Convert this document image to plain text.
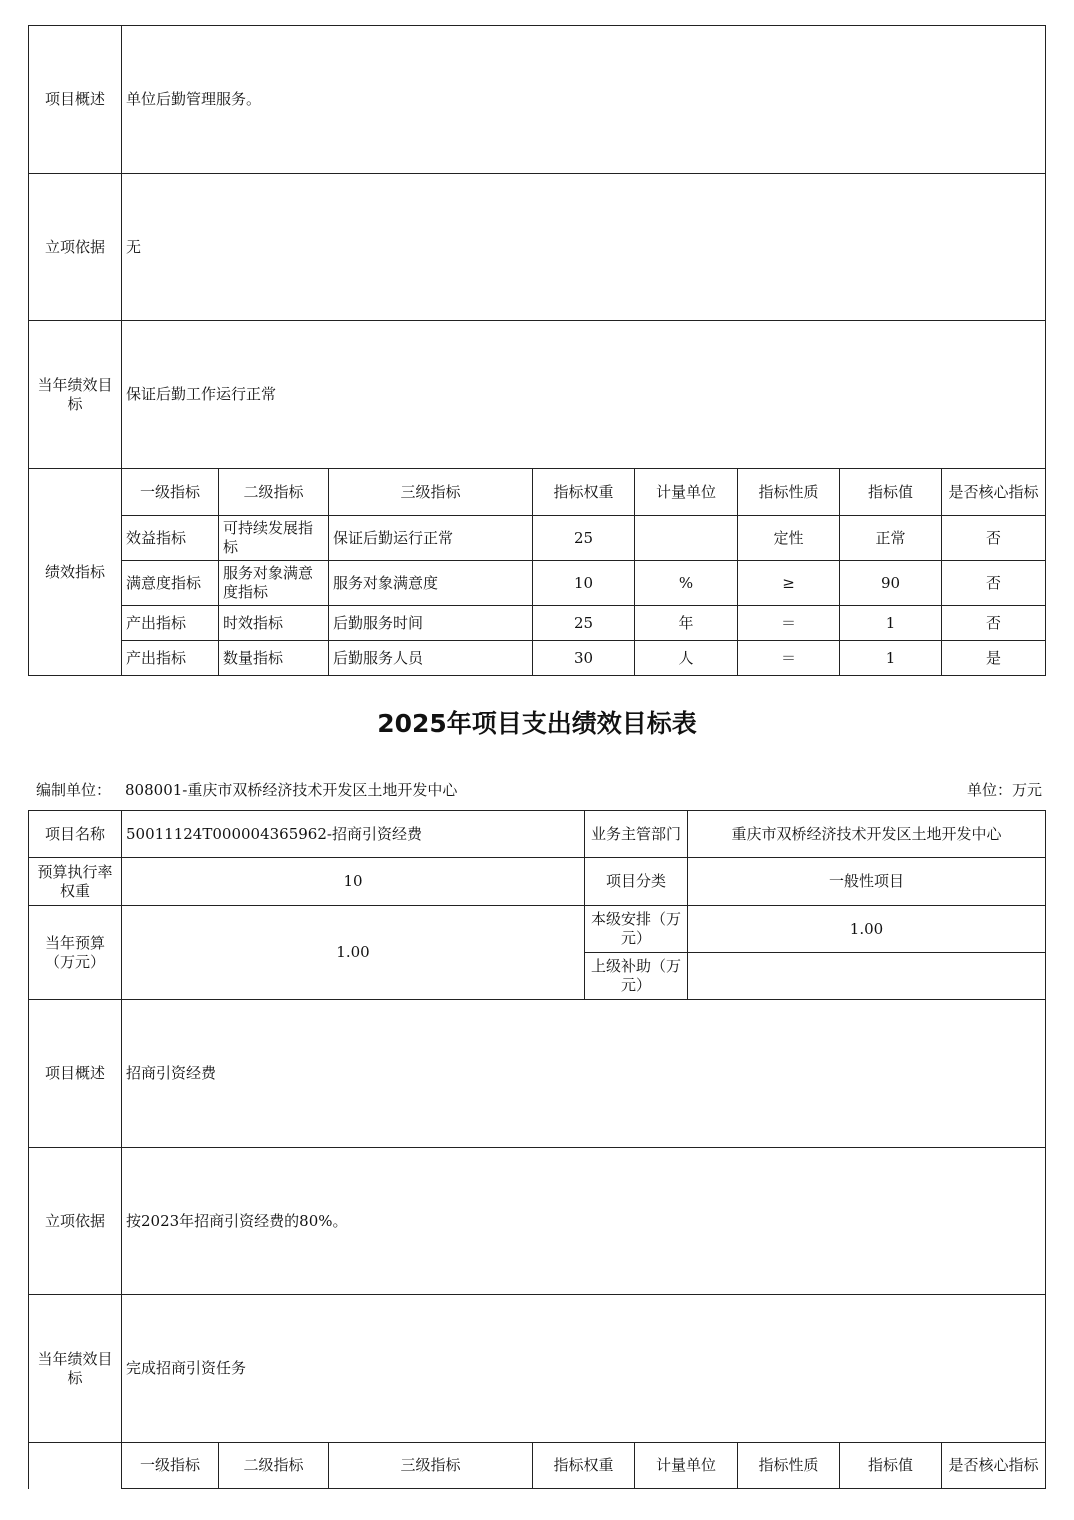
项目概述	单位后勤管理服务。							
立项依据	无							
当年绩效目标	保证后勤工作运行正常							
绩效指标	一级指标	二级指标	三级指标	指标权重	计量单位	指标性质	指标值	是否核心指标
	效益指标	可持续发展指标	保证后勤运行正常	25		定性	正常	否
	满意度指标	服务对象满意度指标	服务对象满意度	10	%	≥	90	否
	产出指标	时效指标	后勤服务时间	25	年	＝	1	否
	产出指标	数量指标	后勤服务人员	30	人	＝	1	是
2025年项目支出绩效目标表
编制单位： 808001-重庆市双桥经济技术开发区土地开发中心	单位：万元
项目名称	50011124T000004365962-招商引资经费	业务主管部门	重庆市双桥经济技术开发区土地开发中心
预算执行率权重	10	项目分类	一般性项目
当年预算（万元）	1.00	本级安排（万元）	1.00
		上级补助（万元）	
项目概述	招商引资经费							
立项依据	按2023年招商引资经费的80%。							
当年绩效目标	完成招商引资任务							
	一级指标	二级指标	三级指标	指标权重	计量单位	指标性质	指标值	是否核心指标
